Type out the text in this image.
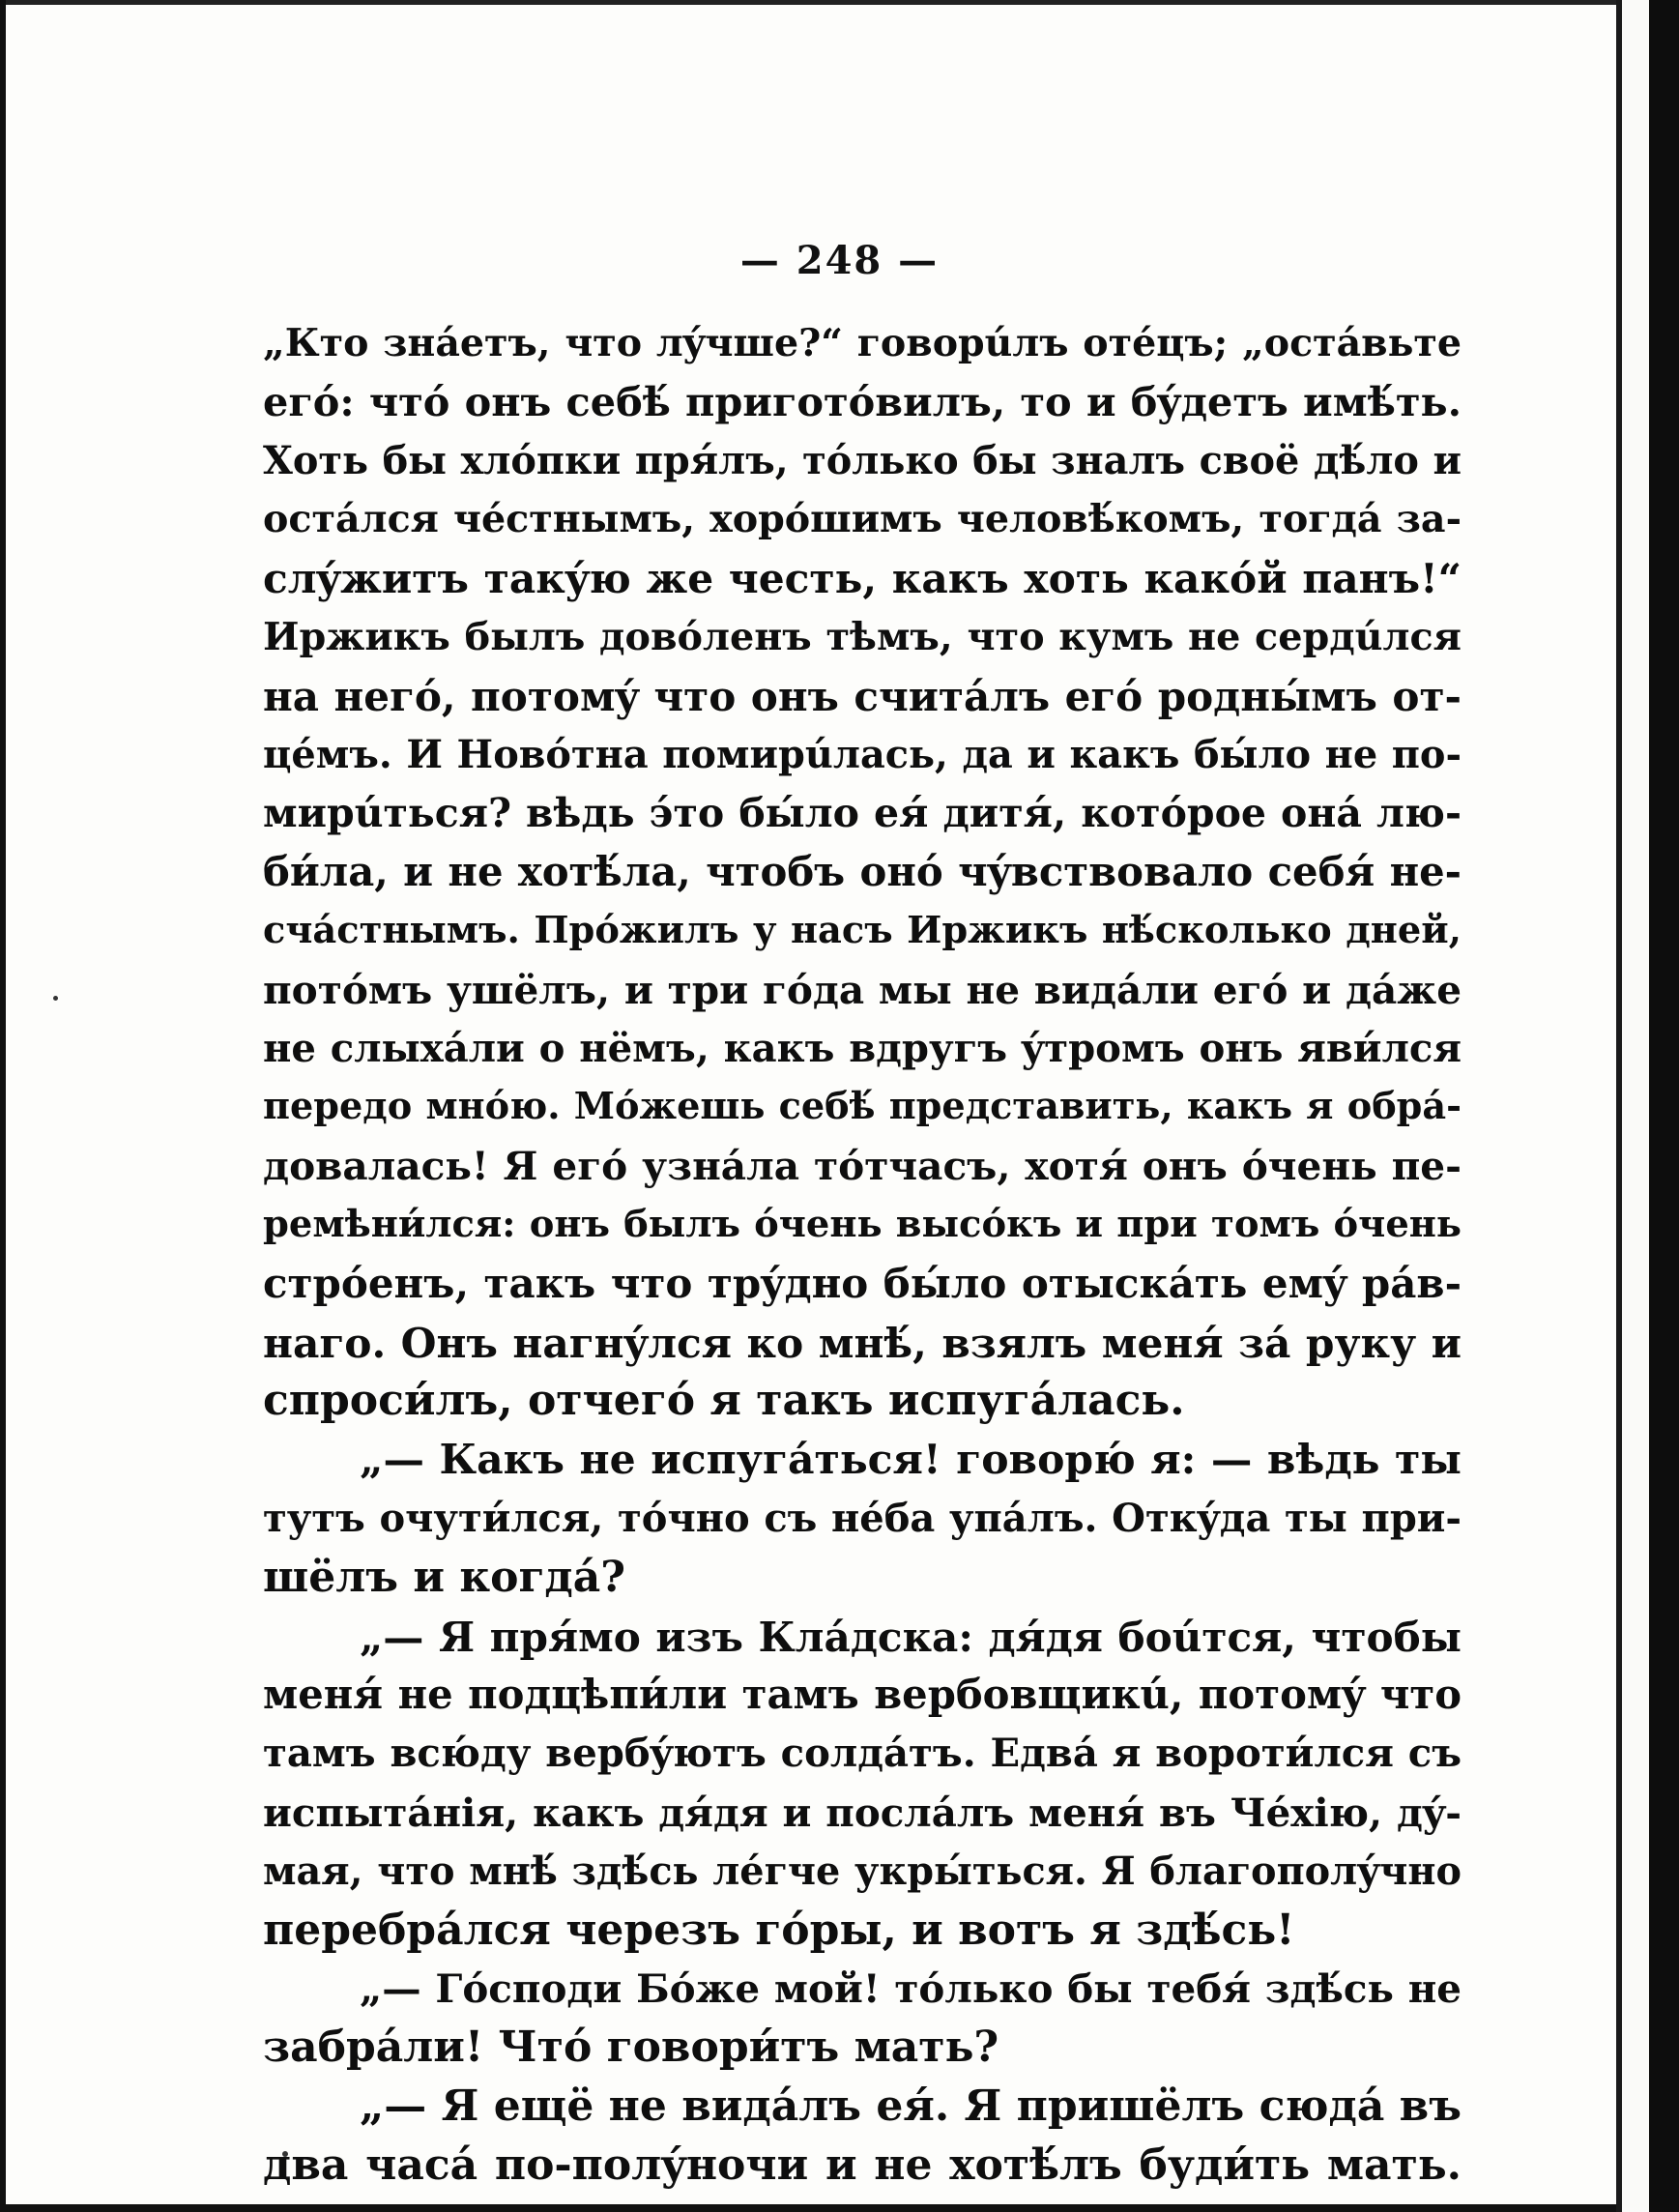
— 248 —
„Кто знáетъ, что лýчше?“ говорúлъ отéцъ; „остáвьте
егó: чтó онъ себѣ́ приготóвилъ, то и бýдетъ имѣ́ть.
Хоть бы хлóпки пря́лъ, тóлько бы зналъ своё дѣ́ло и
остáлся чéстнымъ, хорóшимъ человѣ́комъ, тогдá за-
слýжитъ такýю же честь, какъ хоть какóй панъ!“
Иржикъ былъ довóленъ тѣмъ, что кумъ не сердúлся
на негó, потомý что онъ считáлъ егó родны́мъ от-
цéмъ. И Новóтна помирúлась, да и какъ бы́ло не по-
мирúться? вѣдь э́то бы́ло ея́ дитя́, котóрое онá лю-
би́ла, и не хотѣ́ла, чтобъ онó чýвствовало себя́ не-
счáстнымъ. Прóжилъ у насъ Иржикъ нѣ́сколько дней,
потóмъ ушёлъ, и три гóда мы не видáли егó и дáже
не слыхáли о нёмъ, какъ вдругъ ýтромъ онъ яви́лся
передо мнóю. Мóжешь себѣ́ представить, какъ я обрá-
довалась! Я егó узнáла тóтчасъ, хотя́ онъ óчень пе-
ремѣни́лся: онъ былъ óчень высóкъ и при томъ óчень
стрóенъ, такъ что трýдно бы́ло отыскáть емý рáв-
наго. Онъ нагнýлся ко мнѣ́, взялъ меня́ зá руку и
спроси́лъ, отчегó я такъ испугáлась.
„— Какъ не испугáться! говорю́ я: — вѣдь ты
тутъ очути́лся, тóчно съ нéба упáлъ. Откýда ты при-
шёлъ и когдá?
„— Я пря́мо изъ Клáдска: дя́дя боúтся, чтобы
меня́ не подцѣпи́ли тамъ вербовщикú, потомý что
тамъ всю́ду вербýютъ солдáтъ. Едвá я вороти́лся съ
испытáнія, какъ дя́дя и послáлъ меня́ въ Чéхію, дý-
мая, что мнѣ́ здѣ́сь лéгче укры́ться. Я благополýчно
перебрáлся черезъ гóры, и вотъ я здѣ́сь!
„— Гóсподи Бóже мой! тóлько бы тебя́ здѣ́сь не
забрáли! Чтó говори́тъ мать?
„— Я ещё не видáлъ ея́. Я пришёлъ сюдá въ
два часá по-полýночи и не хотѣ́лъ буди́ть мать.
